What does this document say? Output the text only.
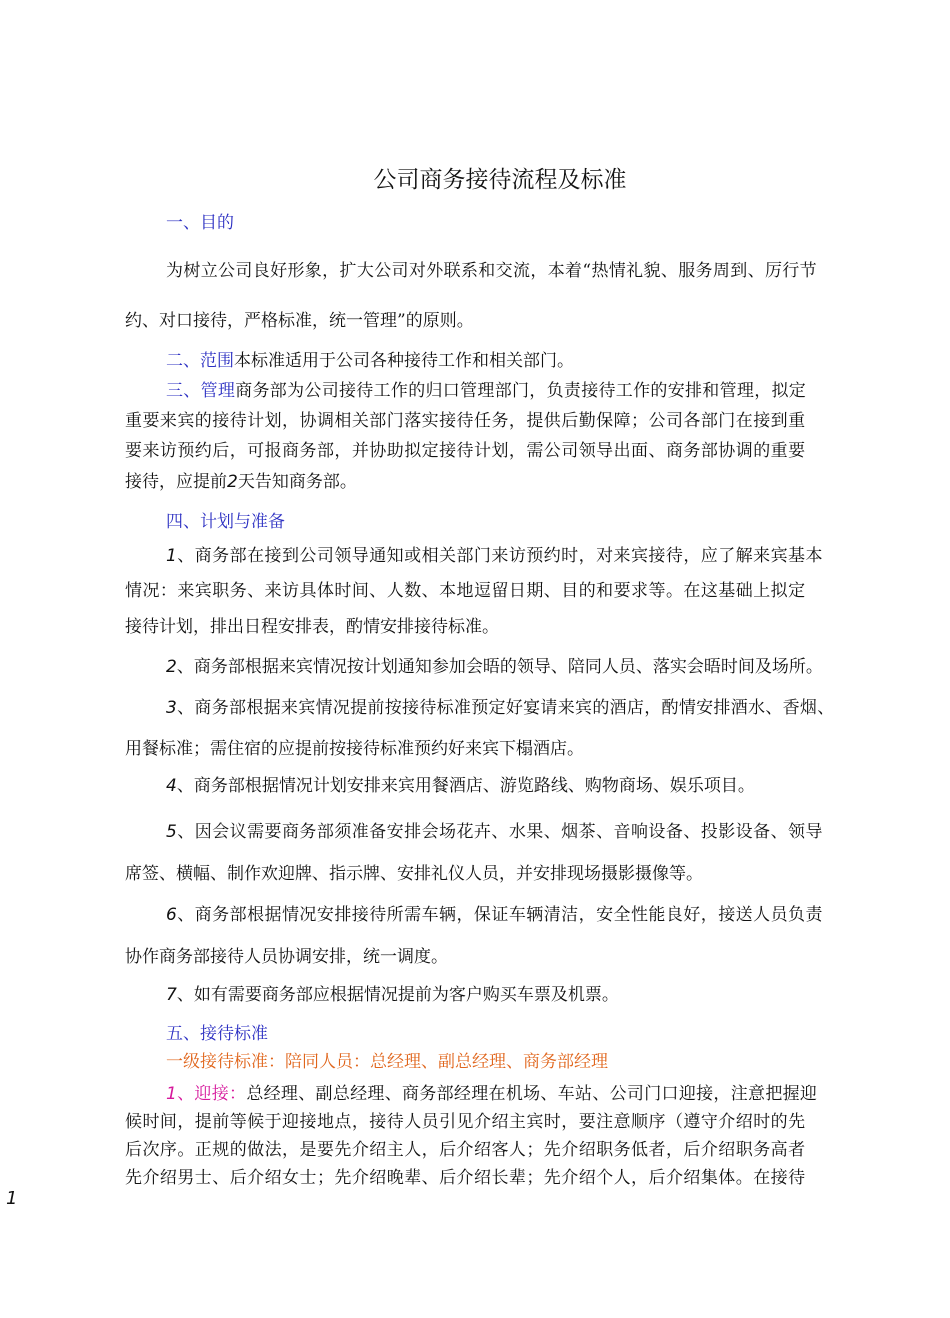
公司商务接待流程及标准
一、目的
为树立公司良好形象，扩大公司对外联系和交流，本着“热情礼貌、服务周到、厉行节
约、对口接待，严格标准，统一管理”的原则。
二、范围本标准适用于公司各种接待工作和相关部门。
三、管理商务部为公司接待工作的归口管理部门，负责接待工作的安排和管理，拟定
重要来宾的接待计划，协调相关部门落实接待任务，提供后勤保障；公司各部门在接到重
要来访预约后，可报商务部，并协助拟定接待计划，需公司领导出面、商务部协调的重要
接待，应提前2天告知商务部。
四、计划与准备
1、商务部在接到公司领导通知或相关部门来访预约时，对来宾接待，应了解来宾基本
情况：来宾职务、来访具体时间、人数、本地逗留日期、目的和要求等。在这基础上拟定
接待计划，排出日程安排表，酌情安排接待标准。
2、商务部根据来宾情况按计划通知参加会晤的领导、陪同人员、落实会晤时间及场所。
3、商务部根据来宾情况提前按接待标准预定好宴请来宾的酒店，酌情安排酒水、香烟、
用餐标准；需住宿的应提前按接待标准预约好来宾下榻酒店。
4、商务部根据情况计划安排来宾用餐酒店、游览路线、购物商场、娱乐项目。
5、因会议需要商务部须准备安排会场花卉、水果、烟茶、音响设备、投影设备、领导
席签、横幅、制作欢迎牌、指示牌、安排礼仪人员，并安排现场摄影摄像等。
6、商务部根据情况安排接待所需车辆，保证车辆清洁，安全性能良好，接送人员负责
协作商务部接待人员协调安排，统一调度。
7、如有需要商务部应根据情况提前为客户购买车票及机票。
五、接待标准
一级接待标准：陪同人员：总经理、副总经理、商务部经理
1、迎接：总经理、副总经理、商务部经理在机场、车站、公司门口迎接，注意把握迎
候时间，提前等候于迎接地点，接待人员引见介绍主宾时，要注意顺序（遵守介绍时的先
后次序。正规的做法，是要先介绍主人，后介绍客人；先介绍职务低者，后介绍职务高者
先介绍男士、后介绍女士；先介绍晚辈、后介绍长辈；先介绍个人，后介绍集体。在接待
1
